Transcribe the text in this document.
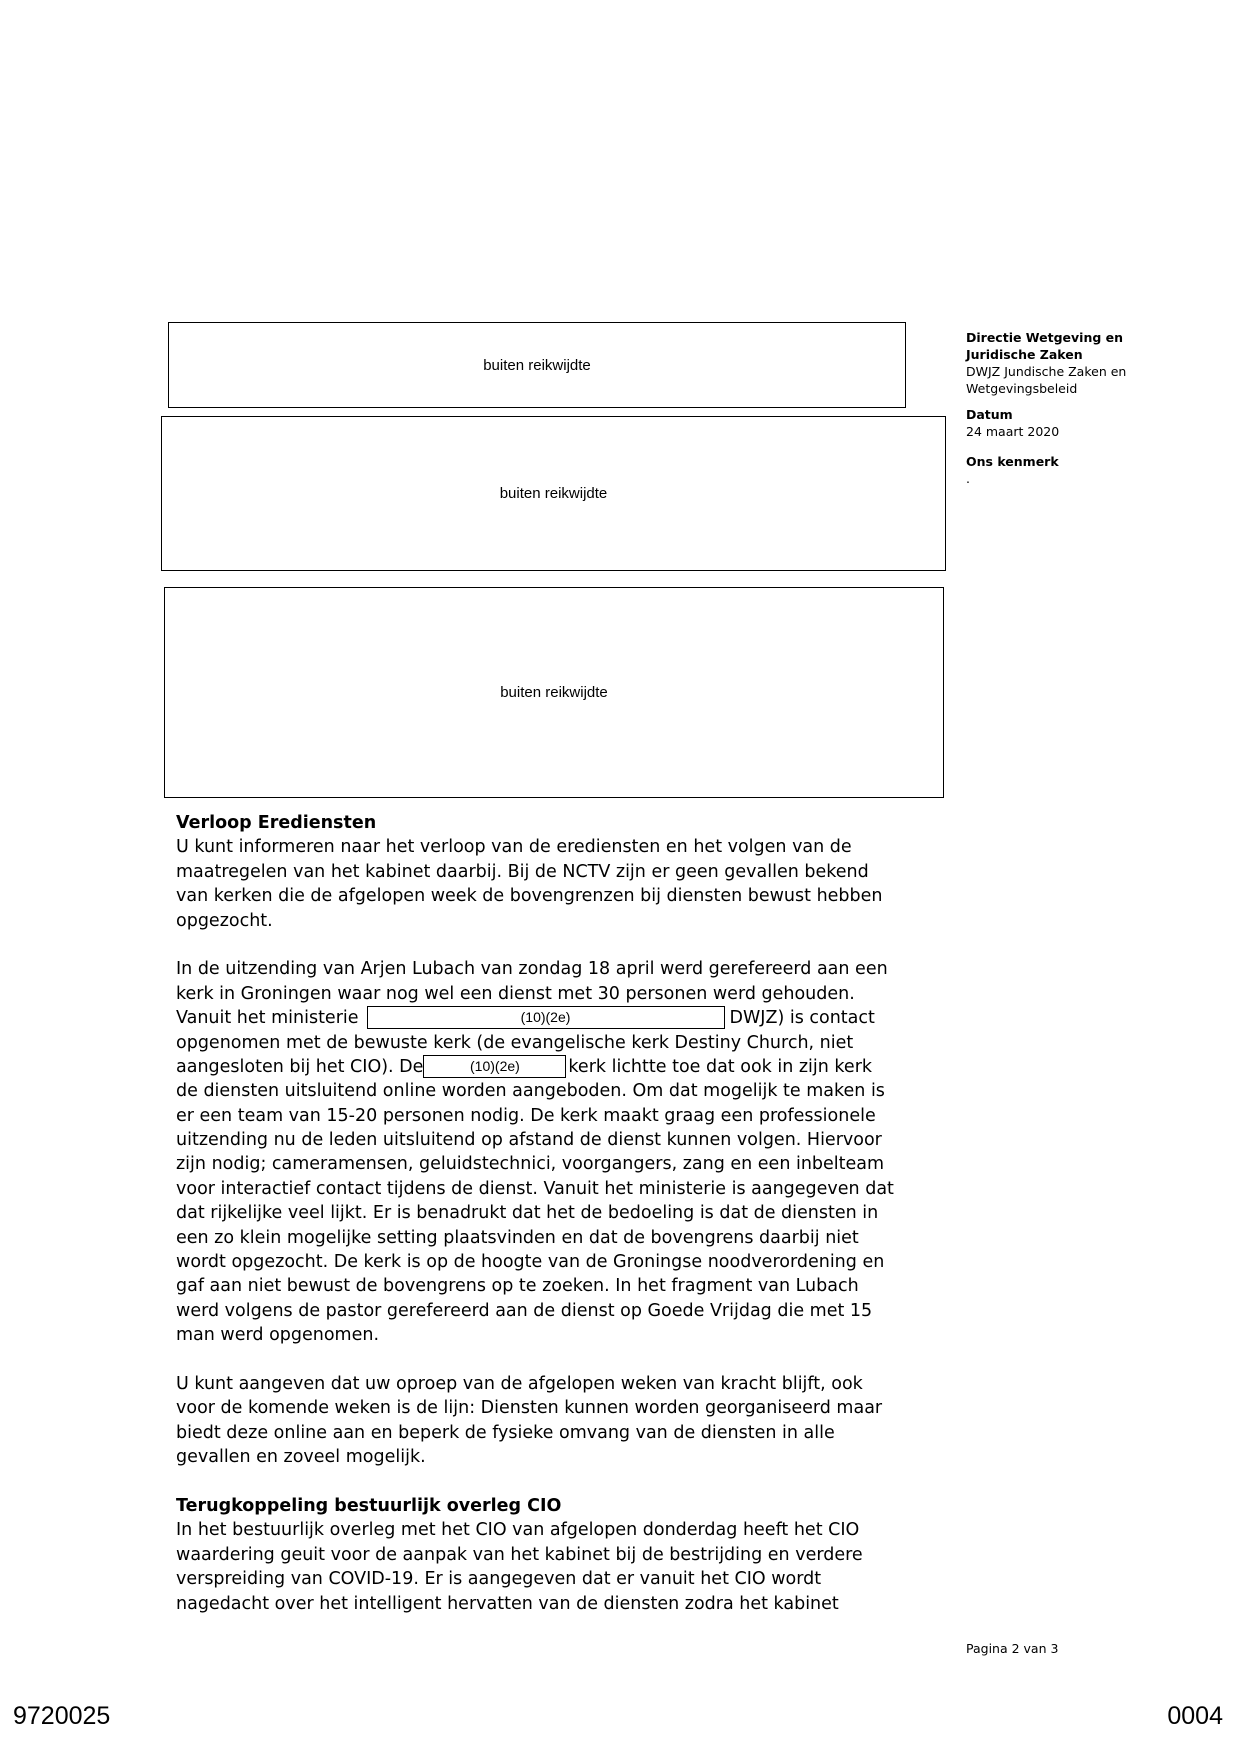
buiten reikwijdte
buiten reikwijdte
buiten reikwijdte
Directie Wetgeving en
Juridische Zaken
DWJZ Jundische Zaken en
Wetgevingsbeleid
Datum
24 maart 2020
Ons kenmerk
.
Verloop Erediensten
U kunt informeren naar het verloop van de erediensten en het volgen van de
maatregelen van het kabinet daarbij. Bij de NCTV zijn er geen gevallen bekend
van kerken die de afgelopen week de bovengrenzen bij diensten bewust hebben
opgezocht.
In de uitzending van Arjen Lubach van zondag 18 april werd gerefereerd aan een
kerk in Groningen waar nog wel een dienst met 30 personen werd gehouden.
Vanuit het ministerie	(10)(2e)	DWJZ) is contact
opgenomen met de bewuste kerk (de evangelische kerk Destiny Church, niet
aangesloten bij het CIO). De	(10)(2e)	kerk lichtte toe dat ook in zijn kerk
de diensten uitsluitend online worden aangeboden. Om dat mogelijk te maken is
er een team van 15-20 personen nodig. De kerk maakt graag een professionele
uitzending nu de leden uitsluitend op afstand de dienst kunnen volgen. Hiervoor
zijn nodig; cameramensen, geluidstechnici, voorgangers, zang en een inbelteam
voor interactief contact tijdens de dienst. Vanuit het ministerie is aangegeven dat
dat rijkelijke veel lijkt. Er is benadrukt dat het de bedoeling is dat de diensten in
een zo klein mogelijke setting plaatsvinden en dat de bovengrens daarbij niet
wordt opgezocht. De kerk is op de hoogte van de Groningse noodverordening en
gaf aan niet bewust de bovengrens op te zoeken. In het fragment van Lubach
werd volgens de pastor gerefereerd aan de dienst op Goede Vrijdag die met 15
man werd opgenomen.
U kunt aangeven dat uw oproep van de afgelopen weken van kracht blijft, ook
voor de komende weken is de lijn: Diensten kunnen worden georganiseerd maar
biedt deze online aan en beperk de fysieke omvang van de diensten in alle
gevallen en zoveel mogelijk.
Terugkoppeling bestuurlijk overleg CIO
In het bestuurlijk overleg met het CIO van afgelopen donderdag heeft het CIO
waardering geuit voor de aanpak van het kabinet bij de bestrijding en verdere
verspreiding van COVID-19. Er is aangegeven dat er vanuit het CIO wordt
nagedacht over het intelligent hervatten van de diensten zodra het kabinet
Pagina 2 van 3
9720025	0004
